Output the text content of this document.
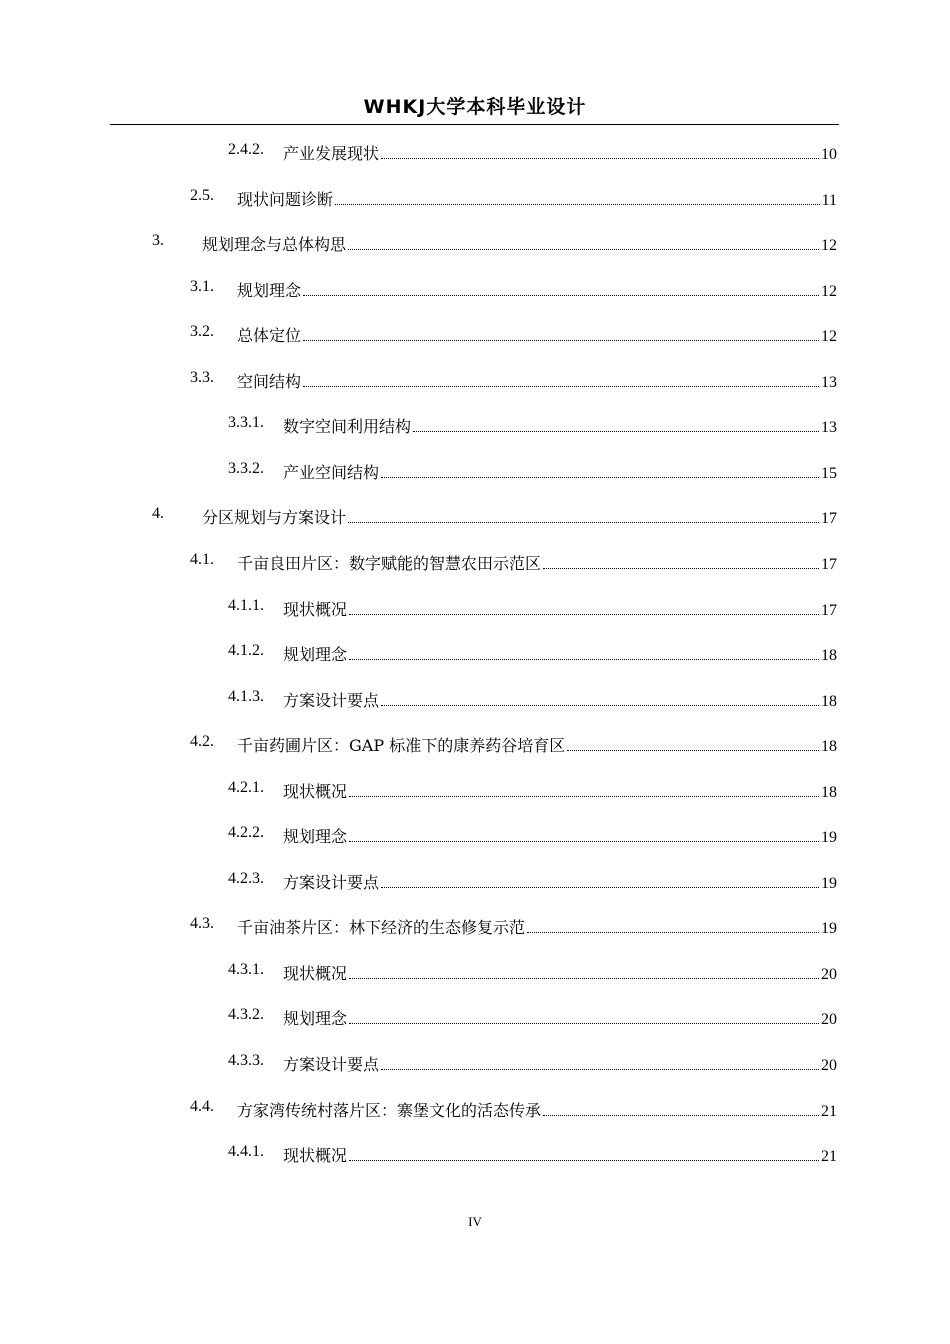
WHKJ大学本科毕业设计
2.4.2. 产业发展现状	10
2.5. 现状问题诊断	11
3. 规划理念与总体构思	12
3.1. 规划理念	12
3.2. 总体定位	12
3.3. 空间结构	13
3.3.1. 数字空间利用结构	13
3.3.2. 产业空间结构	15
4. 分区规划与方案设计	17
4.1. 千亩良田片区：数字赋能的智慧农田示范区	17
4.1.1. 现状概况	17
4.1.2. 规划理念	18
4.1.3. 方案设计要点	18
4.2. 千亩药圃片区：GAP 标准下的康养药谷培育区	18
4.2.1. 现状概况	18
4.2.2. 规划理念	19
4.2.3. 方案设计要点	19
4.3. 千亩油茶片区：林下经济的生态修复示范	19
4.3.1. 现状概况	20
4.3.2. 规划理念	20
4.3.3. 方案设计要点	20
4.4. 方家湾传统村落片区：寨堡文化的活态传承	21
4.4.1. 现状概况	21
IV
